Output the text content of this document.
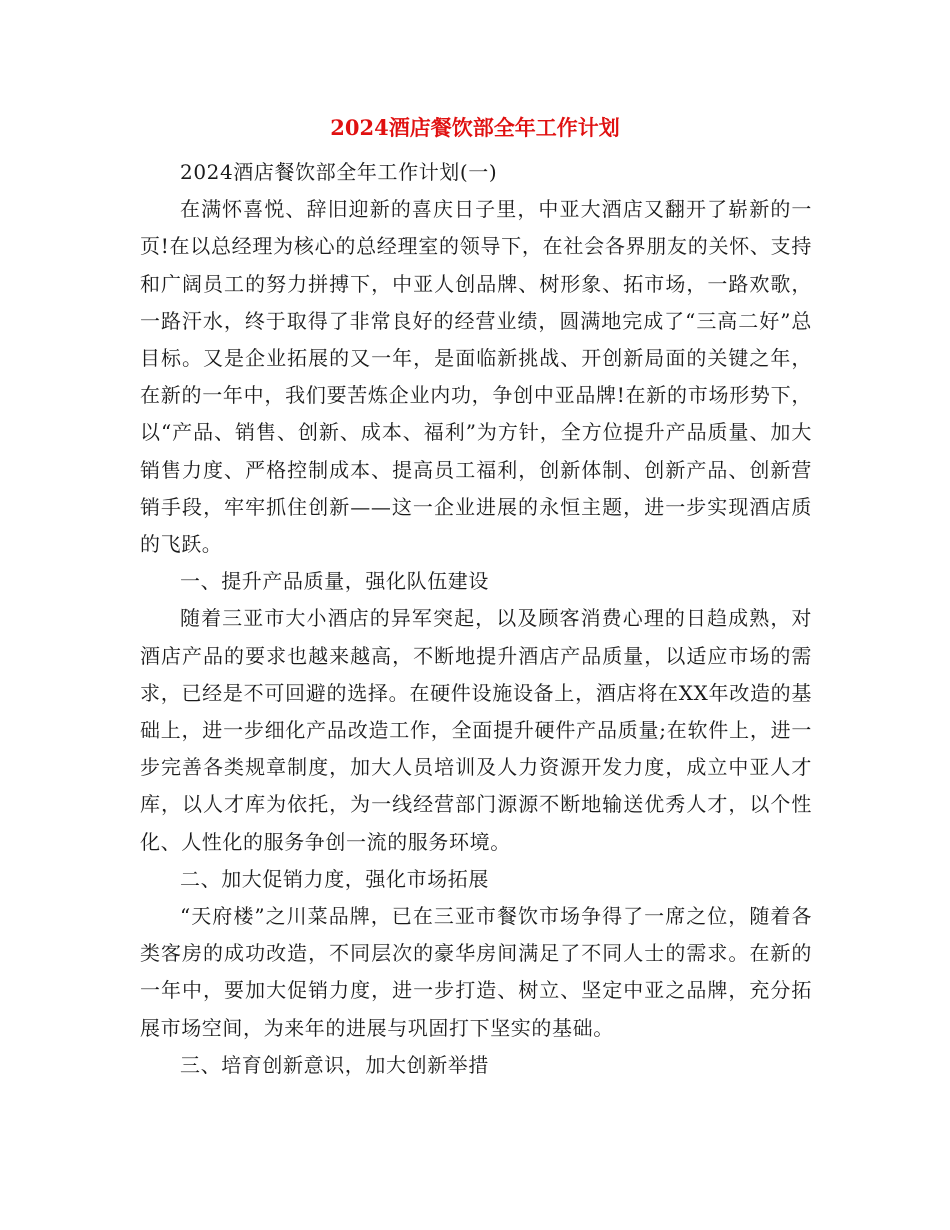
2024酒店餐饮部全年工作计划

2024酒店餐饮部全年工作计划(一)

在满怀喜悦、辞旧迎新的喜庆日子里，中亚大酒店又翻开了崭新的一页!在以总经理为核心的总经理室的领导下，在社会各界朋友的关怀、支持和广阔员工的努力拼搏下，中亚人创品牌、树形象、拓市场，一路欢歌，一路汗水，终于取得了非常良好的经营业绩，圆满地完成了“三高二好”总目标。又是企业拓展的又一年，是面临新挑战、开创新局面的关键之年，在新的一年中，我们要苦炼企业内功，争创中亚品牌!在新的市场形势下，以“产品、销售、创新、成本、福利”为方针，全方位提升产品质量、加大销售力度、严格控制成本、提高员工福利，创新体制、创新产品、创新营销手段，牢牢抓住创新——这一企业进展的永恒主题，进一步实现酒店质的飞跃。

一、提升产品质量，强化队伍建设

随着三亚市大小酒店的异军突起，以及顾客消费心理的日趋成熟，对酒店产品的要求也越来越高，不断地提升酒店产品质量，以适应市场的需求，已经是不可回避的选择。在硬件设施设备上，酒店将在XX年改造的基础上，进一步细化产品改造工作，全面提升硬件产品质量;在软件上，进一步完善各类规章制度，加大人员培训及人力资源开发力度，成立中亚人才库，以人才库为依托，为一线经营部门源源不断地输送优秀人才，以个性化、人性化的服务争创一流的服务环境。

二、加大促销力度，强化市场拓展

“天府楼”之川菜品牌，已在三亚市餐饮市场争得了一席之位，随着各类客房的成功改造，不同层次的豪华房间满足了不同人士的需求。在新的一年中，要加大促销力度，进一步打造、树立、坚定中亚之品牌，充分拓展市场空间，为来年的进展与巩固打下坚实的基础。

三、培育创新意识，加大创新举措
